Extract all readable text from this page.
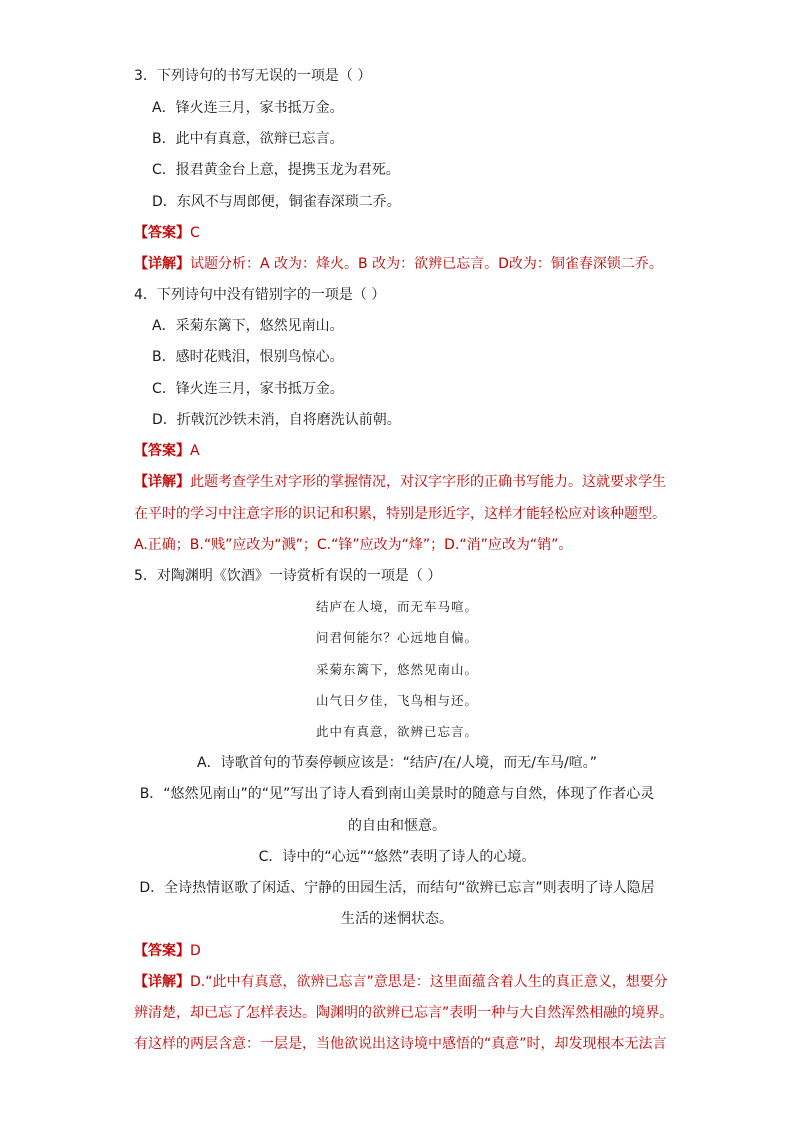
3．下列诗句的书写无误的一项是（ ）
A．锋火连三月，家书抵万金。
B．此中有真意，欲辩已忘言。
C．报君黄金台上意，提携玉龙为君死。
D．东风不与周郎便，铜雀春深琐二乔。
【答案】C
【详解】试题分析：A 改为：烽火。B 改为：欲辨已忘言。D改为：铜雀春深锁二乔。
4．下列诗句中没有错别字的一项是（ ）
A．采菊东篱下，悠然见南山。
B．感时花贱泪，恨别鸟惊心。
C．锋火连三月，家书抵万金。
D．折戟沉沙铁未消，自将磨洗认前朝。
【答案】A
【详解】此题考查学生对字形的掌握情况，对汉字字形的正确书写能力。这就要求学生
在平时的学习中注意字形的识记和积累，特别是形近字，这样才能轻松应对该种题型。
A.正确；B.“贱”应改为“溅”；C.“锋”应改为“烽”；D.“消”应改为“销”。
5．对陶渊明《饮酒》一诗赏析有误的一项是（ ）
结庐在人境，而无车马喧。
问君何能尔？心远地自偏。
采菊东篱下，悠然见南山。
山气日夕佳，飞鸟相与还。
此中有真意，欲辨已忘言。
A．诗歌首句的节奏停顿应该是：“结庐/在/人境，而无/车马/喧。”
B．“悠然见南山”的“见”写出了诗人看到南山美景时的随意与自然，体现了作者心灵
的自由和惬意。
C．诗中的“心远”“悠然”表明了诗人的心境。
D．全诗热情讴歌了闲适、宁静的田园生活，而结句“欲辨已忘言”则表明了诗人隐居
生活的迷惘状态。
【答案】D
【详解】D.“此中有真意，欲辨已忘言”意思是：这里面蕴含着人生的真正意义，想要分
辨清楚，却已忘了怎样表达。陶渊明的欲辨已忘言”表明一种与大自然浑然相融的境界。
有这样的两层含意：一层是，当他欲说出这诗境中感悟的“真意”时，却发现根本无法言
